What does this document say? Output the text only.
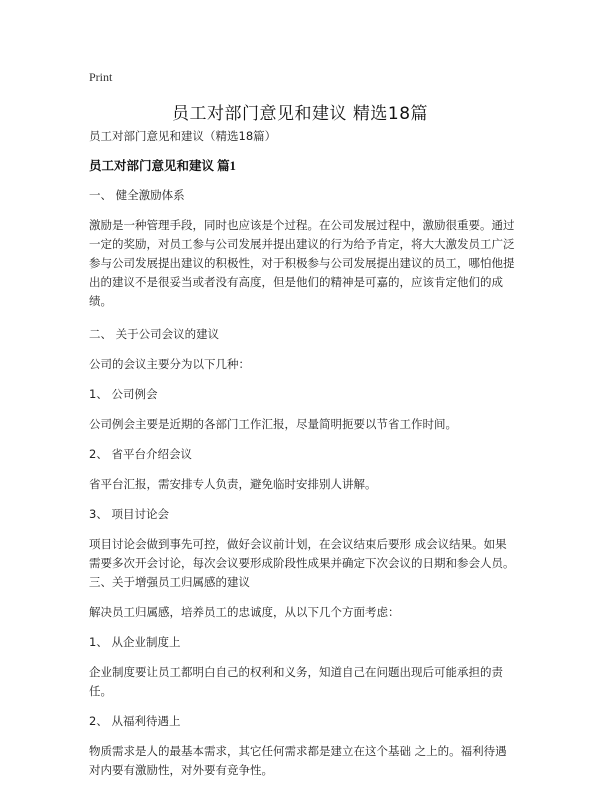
Print
员工对部门意见和建议 精选18篇

员工对部门意见和建议（精选18篇）

员工对部门意见和建议 篇1

一、 健全激励体系

激励是一种管理手段，同时也应该是个过程。在公司发展过程中，激励很重要。通过一定的奖励，对员工参与公司发展并提出建议的行为给予肯定，将大大激发员工广泛参与公司发展提出建议的积极性，对于积极参与公司发展提出建议的员工，哪怕他提出的建议不是很妥当或者没有高度，但是他们的精神是可嘉的，应该肯定他们的成绩。

二、 关于公司会议的建议

公司的会议主要分为以下几种：

1、 公司例会

公司例会主要是近期的各部门工作汇报，尽量简明扼要以节省工作时间。

2、 省平台介绍会议

省平台汇报，需安排专人负责，避免临时安排别人讲解。

3、 项目讨论会

项目讨论会做到事先可控，做好会议前计划，在会议结束后要形 成会议结果。如果需要多次开会讨论，每次会议要形成阶段性成果并确定下次会议的日期和参会人员。三、关于增强员工归属感的建议

解决员工归属感，培养员工的忠诚度，从以下几个方面考虑：

1、 从企业制度上

企业制度要让员工都明白自己的权利和义务，知道自己在问题出现后可能承担的责任。

2、 从福利待遇上

物质需求是人的最基本需求，其它任何需求都是建立在这个基础 之上的。福利待遇对内要有激励性，对外要有竞争性。
